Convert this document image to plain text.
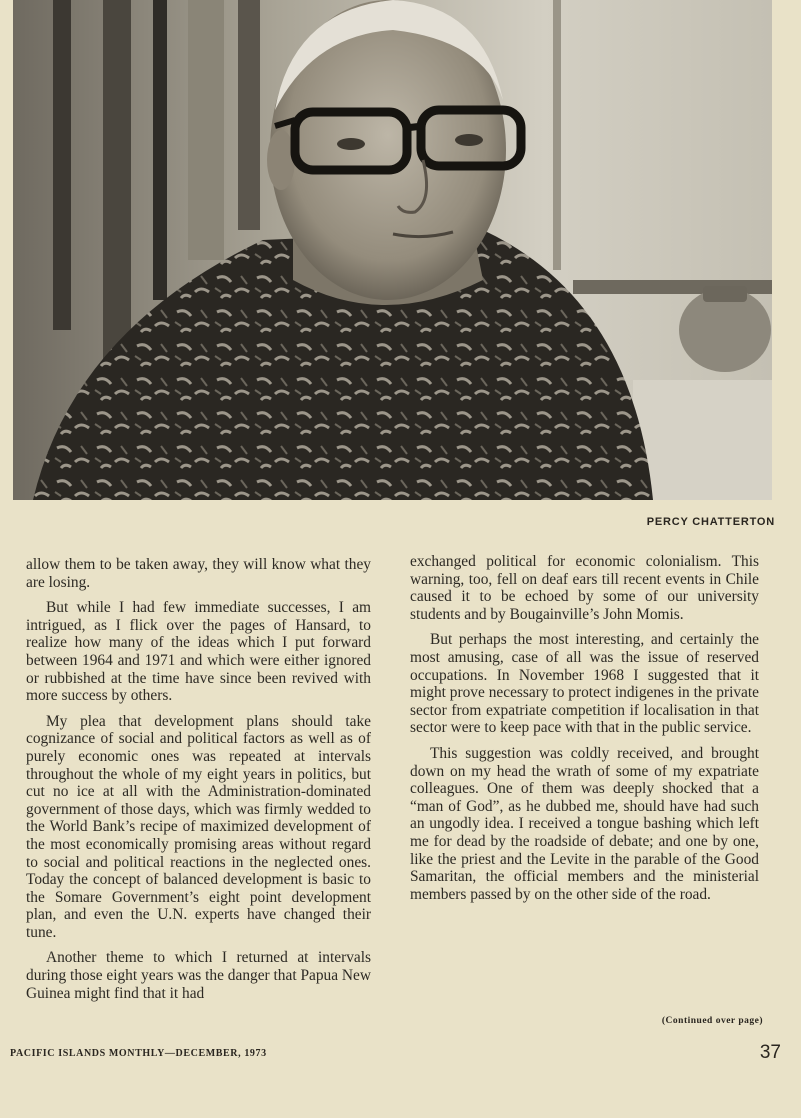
PERCY CHATTERTON

allow them to be taken away, they will know what they are losing.

But while I had few immediate successes, I am intrigued, as I flick over the pages of Hansard, to realize how many of the ideas which I put forward between 1964 and 1971 and which were either ignored or rubbished at the time have since been revived with more success by others.

My plea that development plans should take cognizance of social and political factors as well as of purely economic ones was repeated at intervals throughout the whole of my eight years in politics, but cut no ice at all with the Administration-dominated government of those days, which was firmly wedded to the World Bank’s recipe of maximized development of the most economically promising areas without regard to social and political reactions in the neglected ones. Today the concept of balanced development is basic to the Somare Government’s eight point development plan, and even the U.N. experts have changed their tune.

Another theme to which I returned at intervals during those eight years was the danger that Papua New Guinea might find that it had

exchanged political for economic colonialism. This warning, too, fell on deaf ears till recent events in Chile caused it to be echoed by some of our university students and by Bougainville’s John Momis.

But perhaps the most interesting, and certainly the most amusing, case of all was the issue of reserved occupations. In November 1968 I suggested that it might prove necessary to protect indigenes in the private sector from expatriate competition if localisation in that sector were to keep pace with that in the public service.

This suggestion was coldly received, and brought down on my head the wrath of some of my expatriate colleagues. One of them was deeply shocked that a “man of God”, as he dubbed me, should have had such an ungodly idea. I received a tongue bashing which left me for dead by the roadside of debate; and one by one, like the priest and the Levite in the parable of the Good Samaritan, the official members and the ministerial members passed by on the other side of the road.

(Continued over page)
PACIFIC ISLANDS MONTHLY—DECEMBER, 1973	37
